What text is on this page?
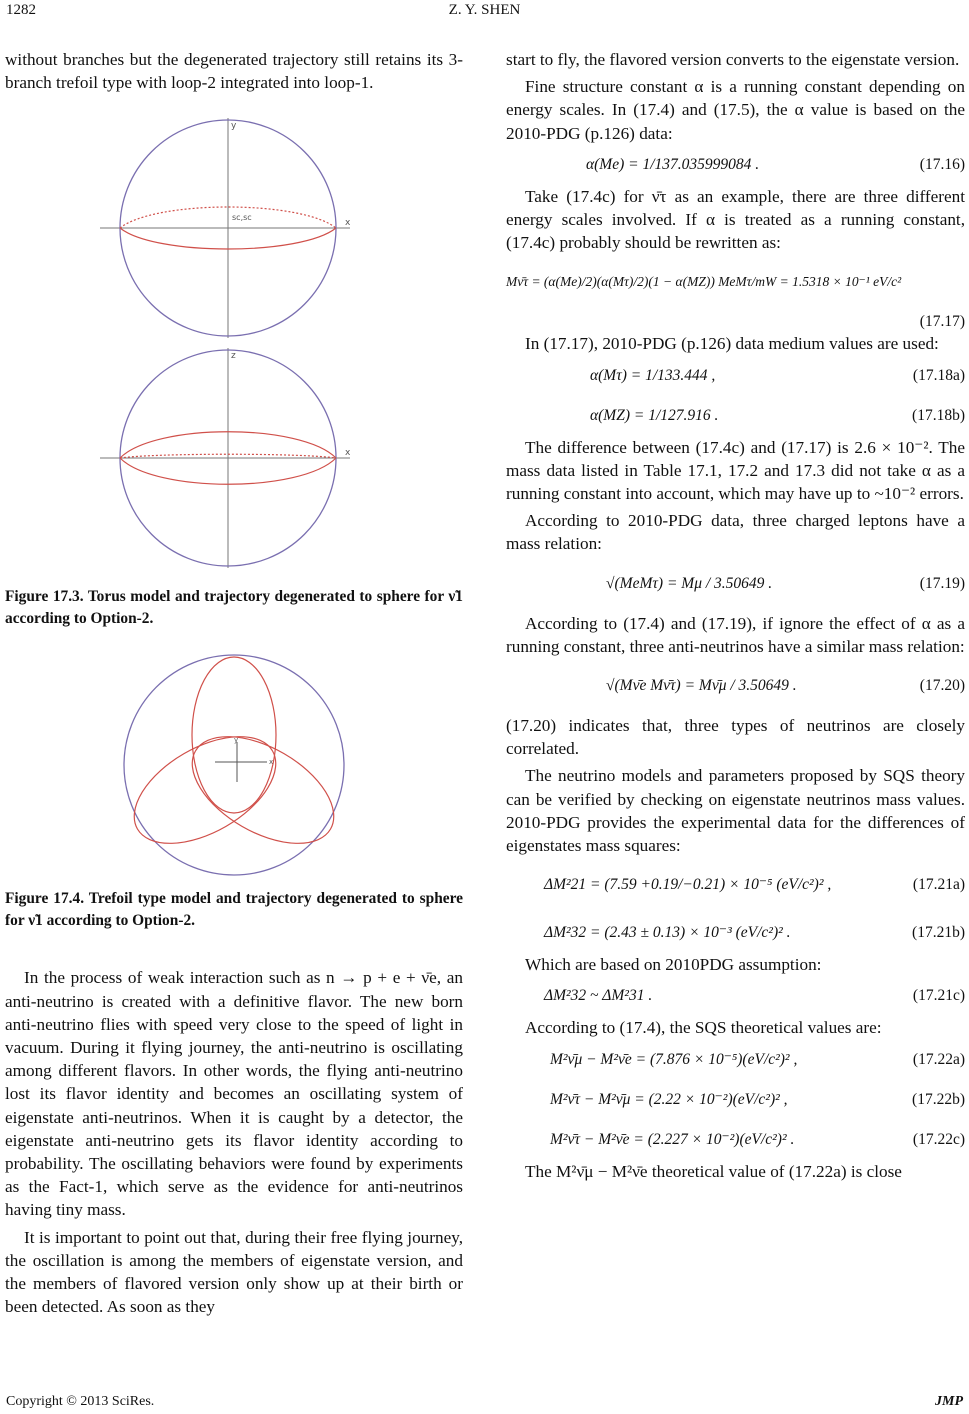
1282	Z. Y. SHEN

without branches but the degenerated trajectory still retains its 3-branch trefoil type with loop-2 integrated into loop-1.

y
x
sc,sc
z
x

Figure 17.3. Torus model and trajectory degenerated to sphere for ν̃1 according to Option-2.

y
x

Figure 17.4. Trefoil type model and trajectory degenerated to sphere for ν̃1 according to Option-2.

In the process of weak interaction such as n → p + e + ν̄e, an anti-neutrino is created with a definitive flavor. The new born anti-neutrino flies with speed very close to the speed of light in vacuum. During it flying journey, the anti-neutrino is oscillating among different flavors. In other words, the flying anti-neutrino lost its flavor identity and becomes an oscillating system of eigenstate anti-neutrinos. When it is caught by a detector, the eigenstate anti-neutrino gets its flavor identity according to probability. The oscillating behaviors were found by experiments as the Fact-1, which serve as the evidence for anti-neutrinos having tiny mass.

It is important to point out that, during their free flying journey, the oscillation is among the members of eigenstate version, and the members of flavored version only show up at their birth or been detected. As soon as they

start to fly, the flavored version converts to the eigenstate version.

Fine structure constant α is a running constant depending on energy scales. In (17.4) and (17.5), the α value is based on the 2010-PDG (p.126) data:

α(Me) = 1/137.035999084 .	(17.16)

Take (17.4c) for ν̄τ as an example, there are three different energy scales involved. If α is treated as a running constant, (17.4c) probably should be rewritten as:

Mν̄τ = (α(Me)/2)(α(Mτ)/2)(1 − α(MZ)) MeMτ/mW = 1.5318 × 10⁻¹ eV/c²
(17.17)

In (17.17), 2010-PDG (p.126) data medium values are used:

α(Mτ) = 1/133.444 ,	(17.18a)
α(MZ) = 1/127.916 .	(17.18b)

The difference between (17.4c) and (17.17) is 2.6 × 10⁻². The mass data listed in Table 17.1, 17.2 and 17.3 did not take α as a running constant into account, which may have up to ~10⁻² errors.

According to 2010-PDG data, three charged leptons have a mass relation:

√(MeMτ) = Mμ / 3.50649 .	(17.19)

According to (17.4) and (17.19), if ignore the effect of α as a running constant, three anti-neutrinos have a similar mass relation:

√(Mν̄e Mν̄τ) = Mν̄μ / 3.50649 .	(17.20)

(17.20) indicates that, three types of neutrinos are closely correlated.

The neutrino models and parameters proposed by SQS theory can be verified by checking on eigenstate neutrinos mass values. 2010-PDG provides the experimental data for the differences of eigenstates mass squares:

ΔM²21 = (7.59 +0.19/−0.21) × 10⁻⁵ (eV/c²)² ,	(17.21a)
ΔM²32 = (2.43 ± 0.13) × 10⁻³ (eV/c²)² .	(17.21b)

Which are based on 2010PDG assumption:

ΔM²32 ~ ΔM²31 .	(17.21c)

According to (17.4), the SQS theoretical values are:

M²ν̄μ − M²ν̄e = (7.876 × 10⁻⁵)(eV/c²)² ,	(17.22a)
M²ν̄τ − M²ν̄μ = (2.22 × 10⁻²)(eV/c²)² ,	(17.22b)
M²ν̄τ − M²ν̄e = (2.227 × 10⁻²)(eV/c²)² .	(17.22c)

The M²ν̄μ − M²ν̄e theoretical value of (17.22a) is close

Copyright © 2013 SciRes.	JMP
